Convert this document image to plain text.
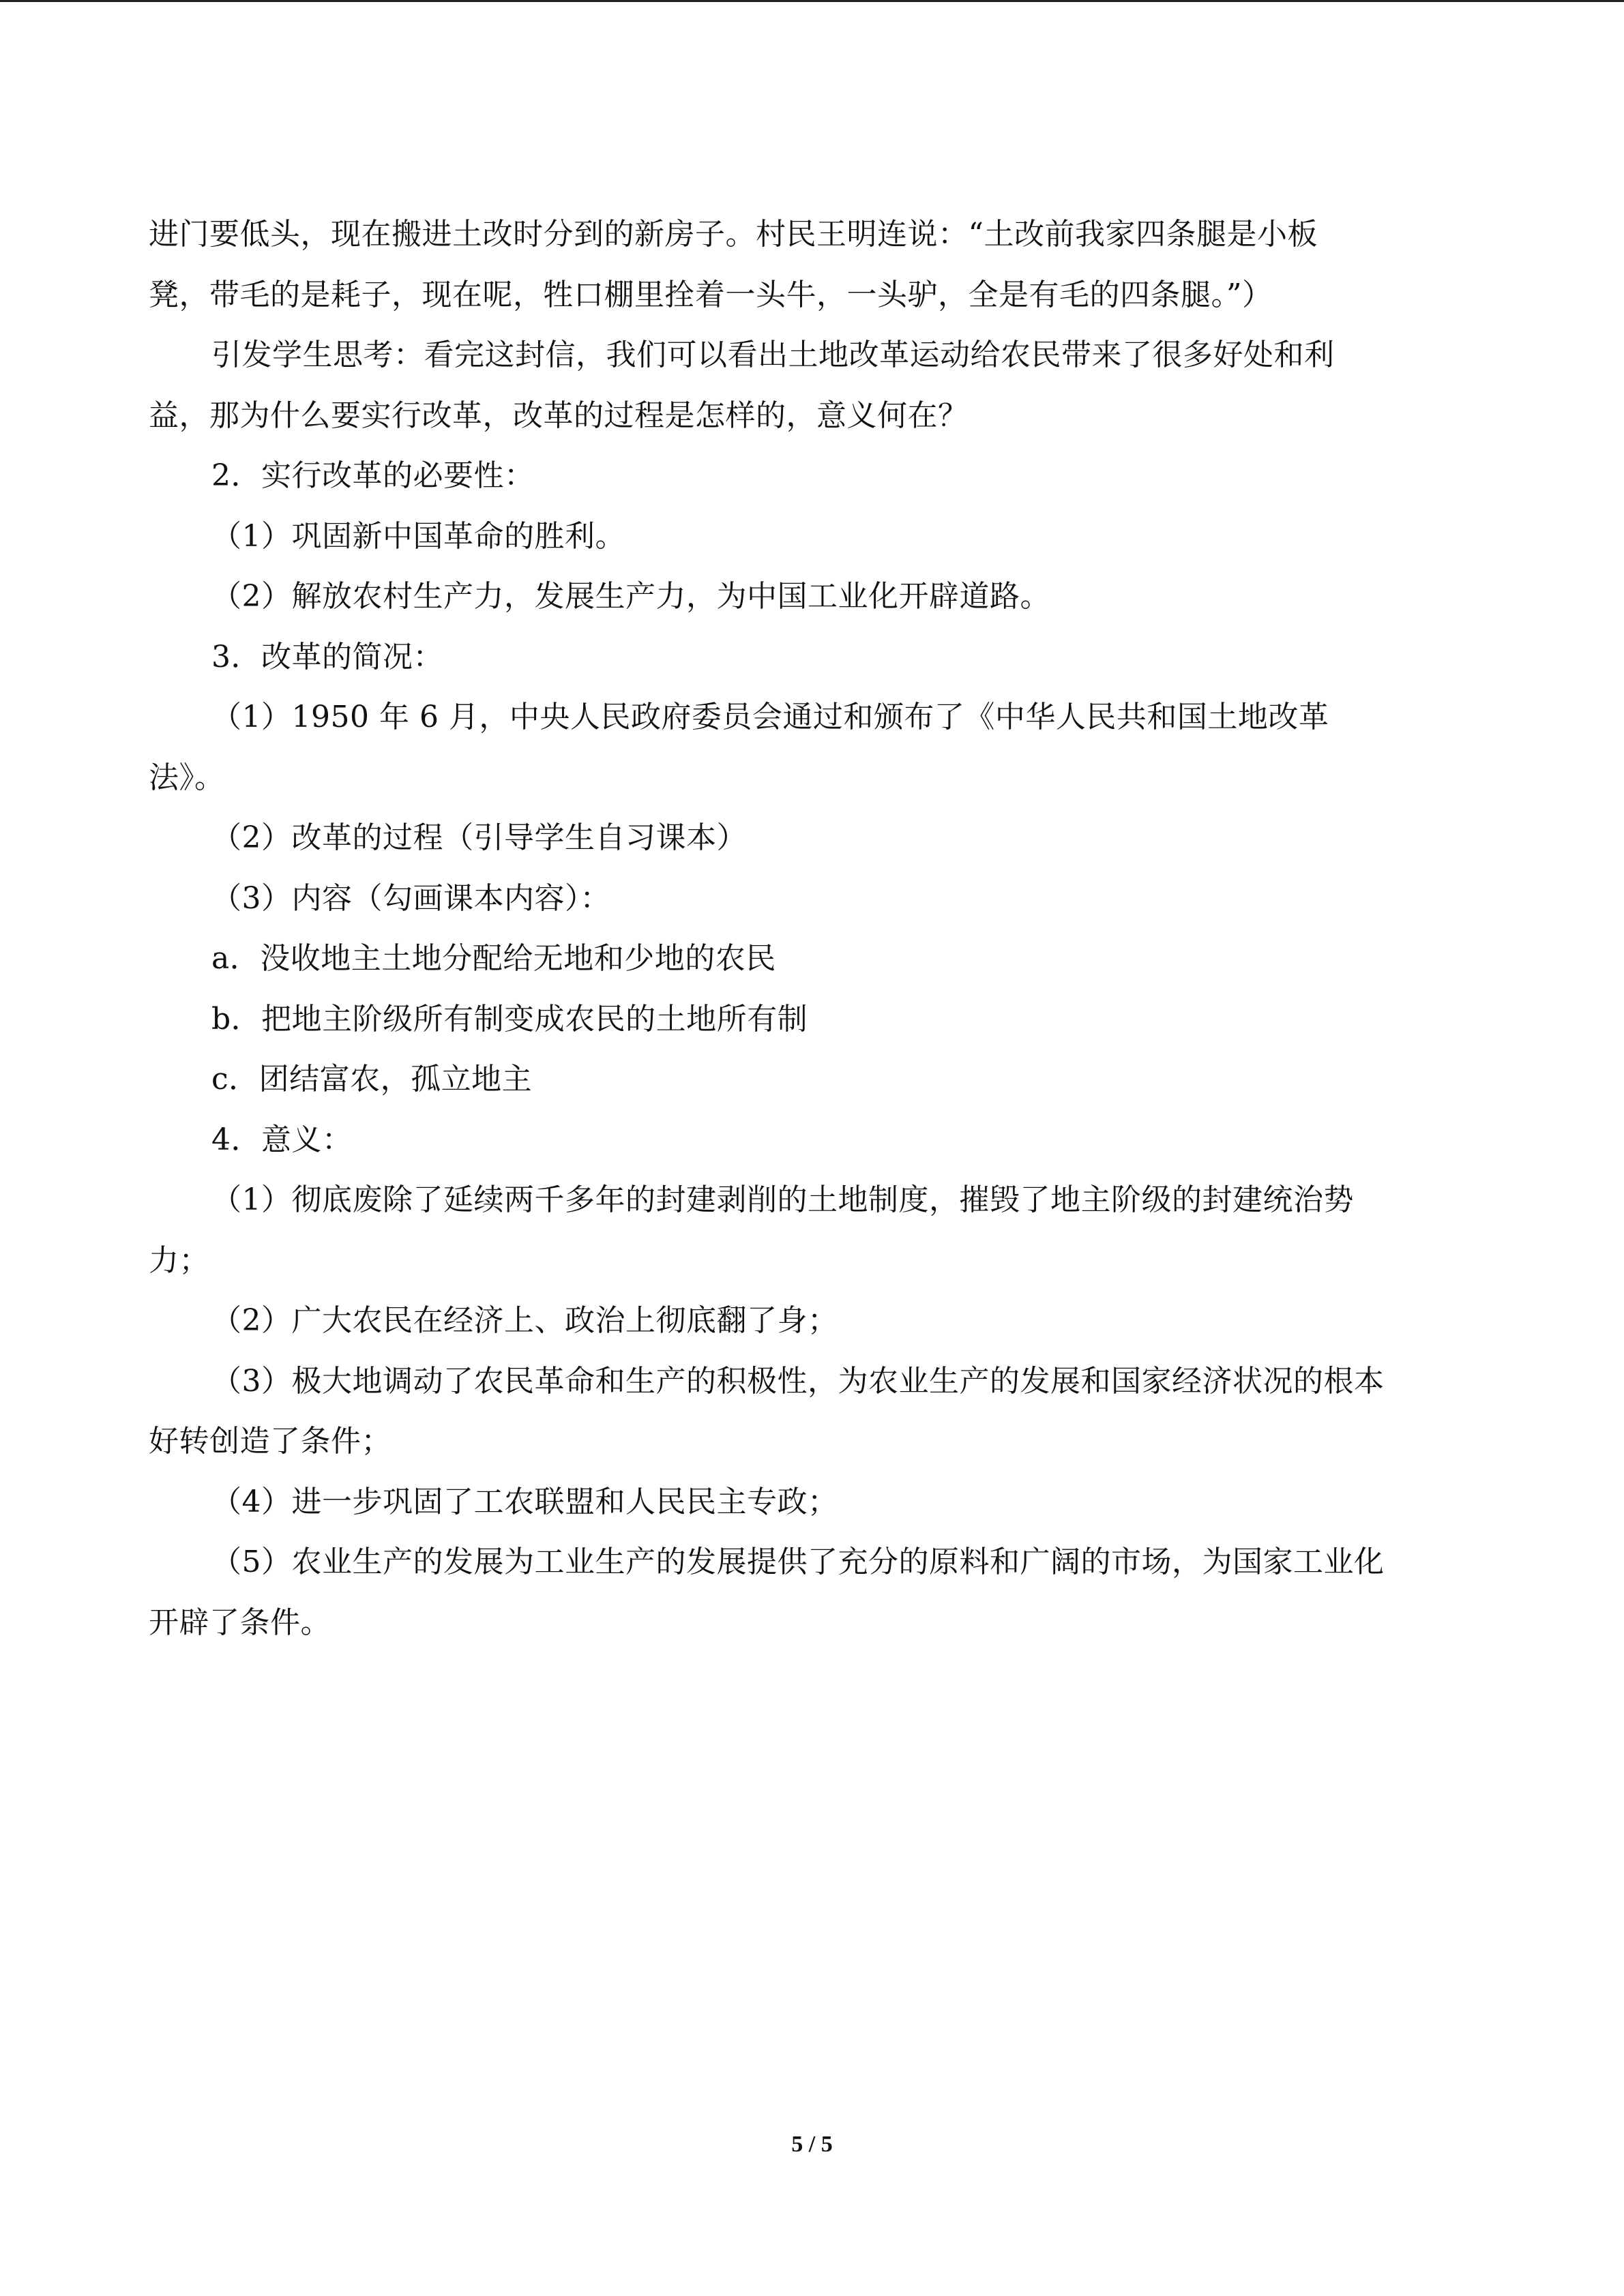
进门要低头，现在搬进土改时分到的新房子。村民王明连说：“土改前我家四条腿是小板
凳，带毛的是耗子，现在呢，牲口棚里拴着一头牛，一头驴，全是有毛的四条腿。”）
引发学生思考：看完这封信，我们可以看出土地改革运动给农民带来了很多好处和利
益，那为什么要实行改革，改革的过程是怎样的，意义何在？
2．实行改革的必要性：
（1）巩固新中国革命的胜利。
（2）解放农村生产力，发展生产力，为中国工业化开辟道路。
3．改革的简况：
（1）1950 年 6 月，中央人民政府委员会通过和颁布了《中华人民共和国土地改革
法》。
（2）改革的过程（引导学生自习课本）
（3）内容（勾画课本内容）：
a．没收地主土地分配给无地和少地的农民
b．把地主阶级所有制变成农民的土地所有制
c．团结富农，孤立地主
4．意义：
（1）彻底废除了延续两千多年的封建剥削的土地制度，摧毁了地主阶级的封建统治势
力；
（2）广大农民在经济上、政治上彻底翻了身；
（3）极大地调动了农民革命和生产的积极性，为农业生产的发展和国家经济状况的根本
好转创造了条件；
（4）进一步巩固了工农联盟和人民民主专政；
（5）农业生产的发展为工业生产的发展提供了充分的原料和广阔的市场，为国家工业化
开辟了条件。
5 / 5
